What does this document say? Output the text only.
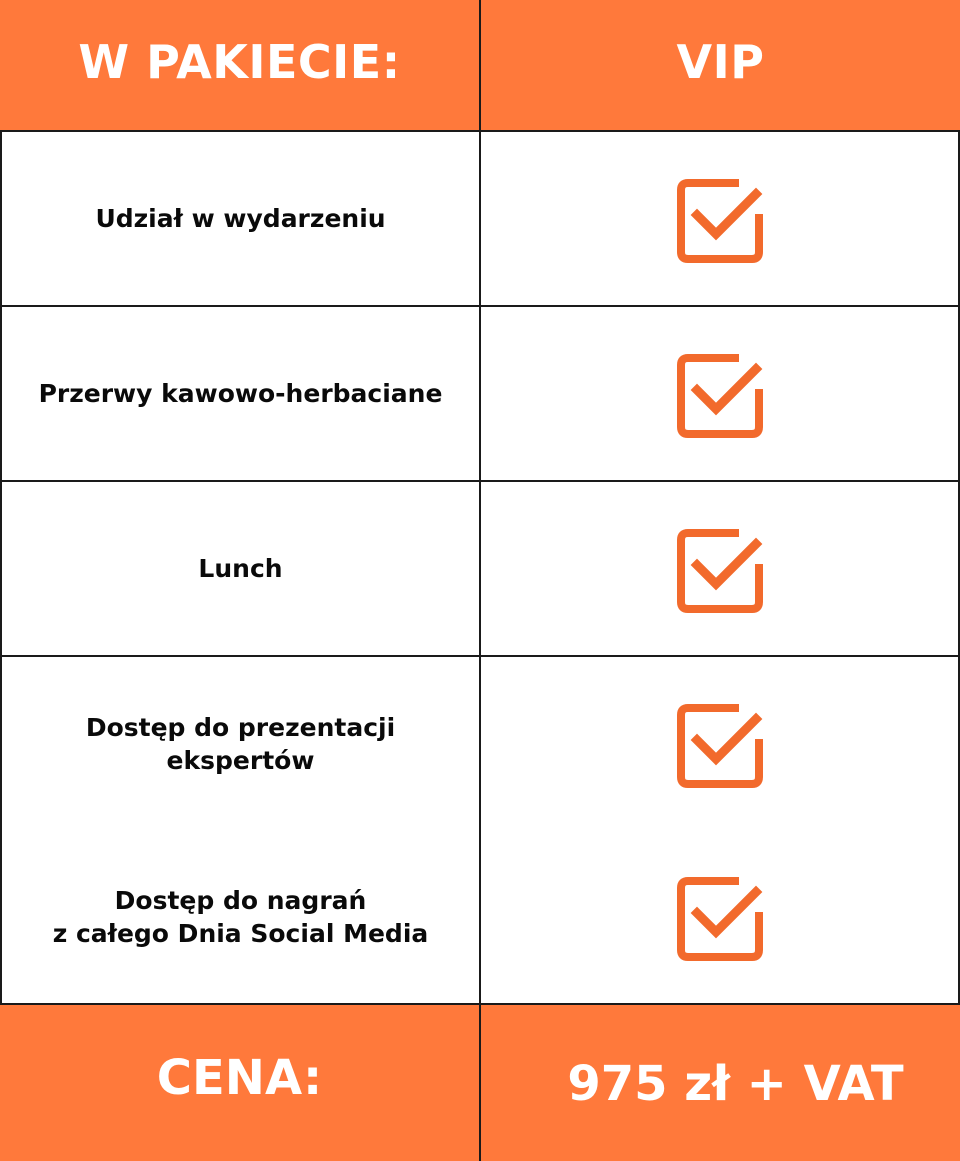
W PAKIECIE:	VIP
Udział w wydarzeniu
Przerwy kawowo-herbaciane
Lunch
Dostęp do prezentacji
ekspertów
Dostęp do nagrań
z całego Dnia Social Media
CENA:	975 zł + VAT
